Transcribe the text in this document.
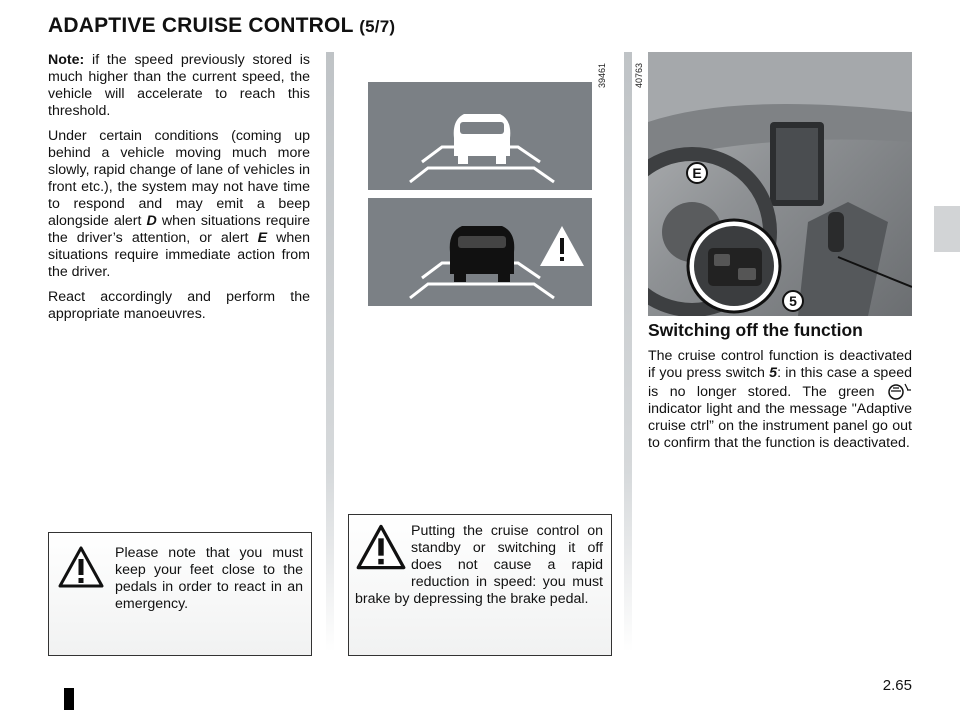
ADAPTIVE CRUISE CONTROL (5/7)

Note: if the speed previously stored is much higher than the current speed, the vehicle will accelerate to reach this threshold.

Under certain conditions (coming up behind a vehicle moving much more slowly, rapid change of lane of vehicles in front etc.), the system may not have time to respond and may emit a beep alongside alert D when situations require the driver’s attention, or alert E when situations require immediate action from the driver.

React accordingly and perform the appropriate manoeuvres.

39461	40763
E
5
Switching off the function

The cruise control function is deactivated if you press switch 5: in this case a speed is no longer stored. The green  indicator light and the message "Adaptive cruise ctrl” on the instrument panel go out to confirm that the function is deactivated.

Please note that you must keep your feet close to the pedals in order to react in an emergency.
Putting the cruise control on standby or switching it off does not cause a rapid reduction in speed: you must brake by depressing the brake pedal.
2.65
